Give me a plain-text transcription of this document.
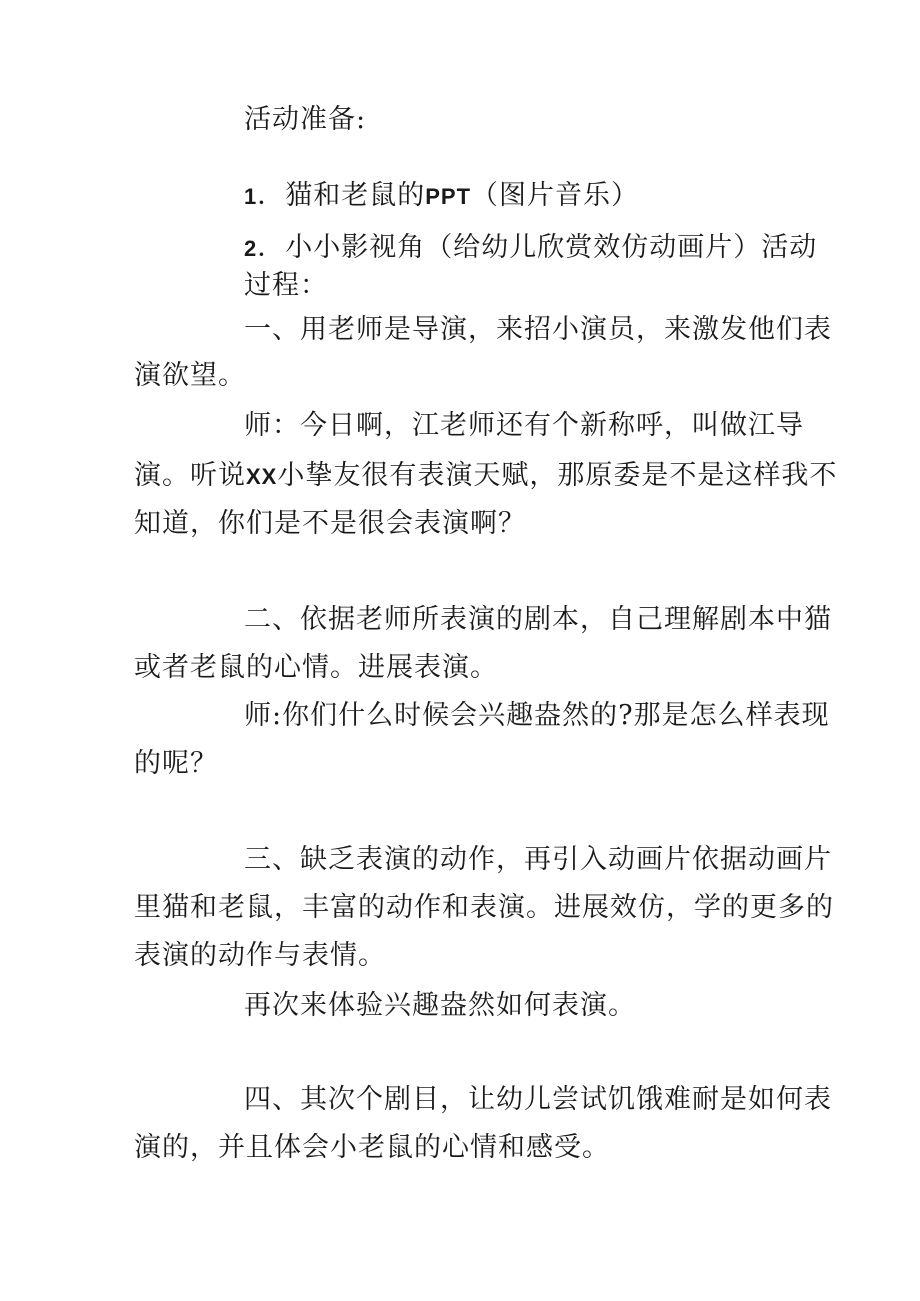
活动准备:
1．猫和老鼠的PPT（图片音乐）
2．小小影视角（给幼儿欣赏效仿动画片）活动
过程：
一、用老师是导演，来招小演员，来激发他们表
演欲望。
师：今日啊，江老师还有个新称呼，叫做江导
演。听说XX小挚友很有表演天赋，那原委是不是这样我不
知道，你们是不是很会表演啊？
二、依据老师所表演的剧本，自己理解剧本中猫
或者老鼠的心情。进展表演。
师:你们什么时候会兴趣盎然的?那是怎么样表现
的呢？
三、缺乏表演的动作，再引入动画片依据动画片
里猫和老鼠，丰富的动作和表演。进展效仿，学的更多的
表演的动作与表情。
再次来体验兴趣盎然如何表演。
四、其次个剧目，让幼儿尝试饥饿难耐是如何表
演的，并且体会小老鼠的心情和感受。
